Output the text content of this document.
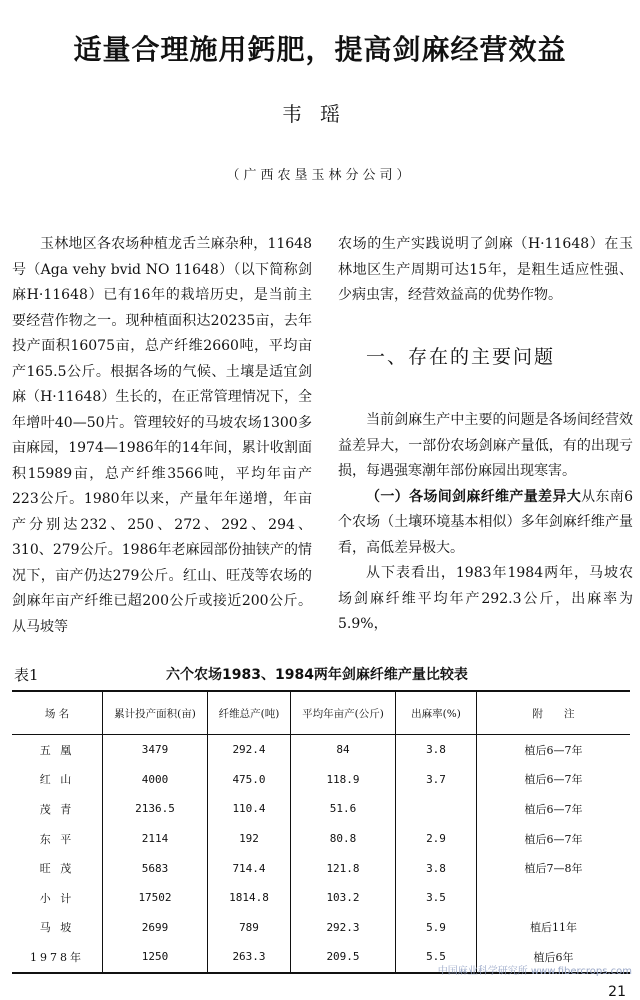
适量合理施用鈣肥，提高剑麻经营效益
韦瑶
（广西农垦玉林分公司）

玉林地区各农场种植龙舌兰麻杂种，11648号（Aga vehy bvid NO 11648）（以下简称剑麻H·11648）已有16年的栽培历史，是当前主要经营作物之一。现种植面积达20235亩，去年投产面积16075亩，总产纤维2660吨，平均亩产165.5公斤。根据各场的气候、土壤是适宜剑麻（H·11648）生长的，在正常管理情况下，全年增叶40—50片。管理较好的马坡农场1300多亩麻园，1974—1986年的14年间，累计收割面积15989亩，总产纤维3566吨，平均年亩产223公斤。1980年以来，产量年年递增，年亩产分别达232、250、272、292、294、310、279公斤。1986年老麻园部份抽铗产的情况下，亩产仍达279公斤。红山、旺茂等农场的剑麻年亩产纤维已超200公斤或接近200公斤。从马坡等

农场的生产实践说明了剑麻（H·11648）在玉林地区生产周期可达15年，是粗生适应性强、少病虫害，经营效益高的优势作物。

一、存在的主要问题

当前剑麻生产中主要的问题是各场间经营效益差异大，一部份农场剑麻产量低，有的出现亏损，每遇强寒潮年部份麻园出现寒害。

（一）各场间剑麻纤维产量差异大从东南6个农场（土壤环境基本相似）多年剑麻纤维产量看，高低差异极大。

从下表看出，1983年1984两年，马坡农场剑麻纤维平均年产292.3公斤，出麻率为5.9%，

表1	六个农场1983、1984两年剑麻纤维产量比较表
场 名	累计投产面积(亩)	纤维总产(吨)	平均年亩产(公斤)	出麻率(%)	附　　注
五 凰	3479	292.4	84	3.8	植后6—7年
红 山	4000	475.0	118.9	3.7	植后6—7年
茂 青	2136.5	110.4	51.6		植后6—7年
东 平	2114	192	80.8	2.9	植后6—7年
旺 茂	5683	714.4	121.8	3.8	植后7—8年
小 计	17502	1814.8	103.2	3.5	
马 坡	2699	789	292.3	5.9	植后11年
1978年	1250	263.3	209.5	5.5	植后6年
中国麻业科学研究所 www.fibercrops.com
21
